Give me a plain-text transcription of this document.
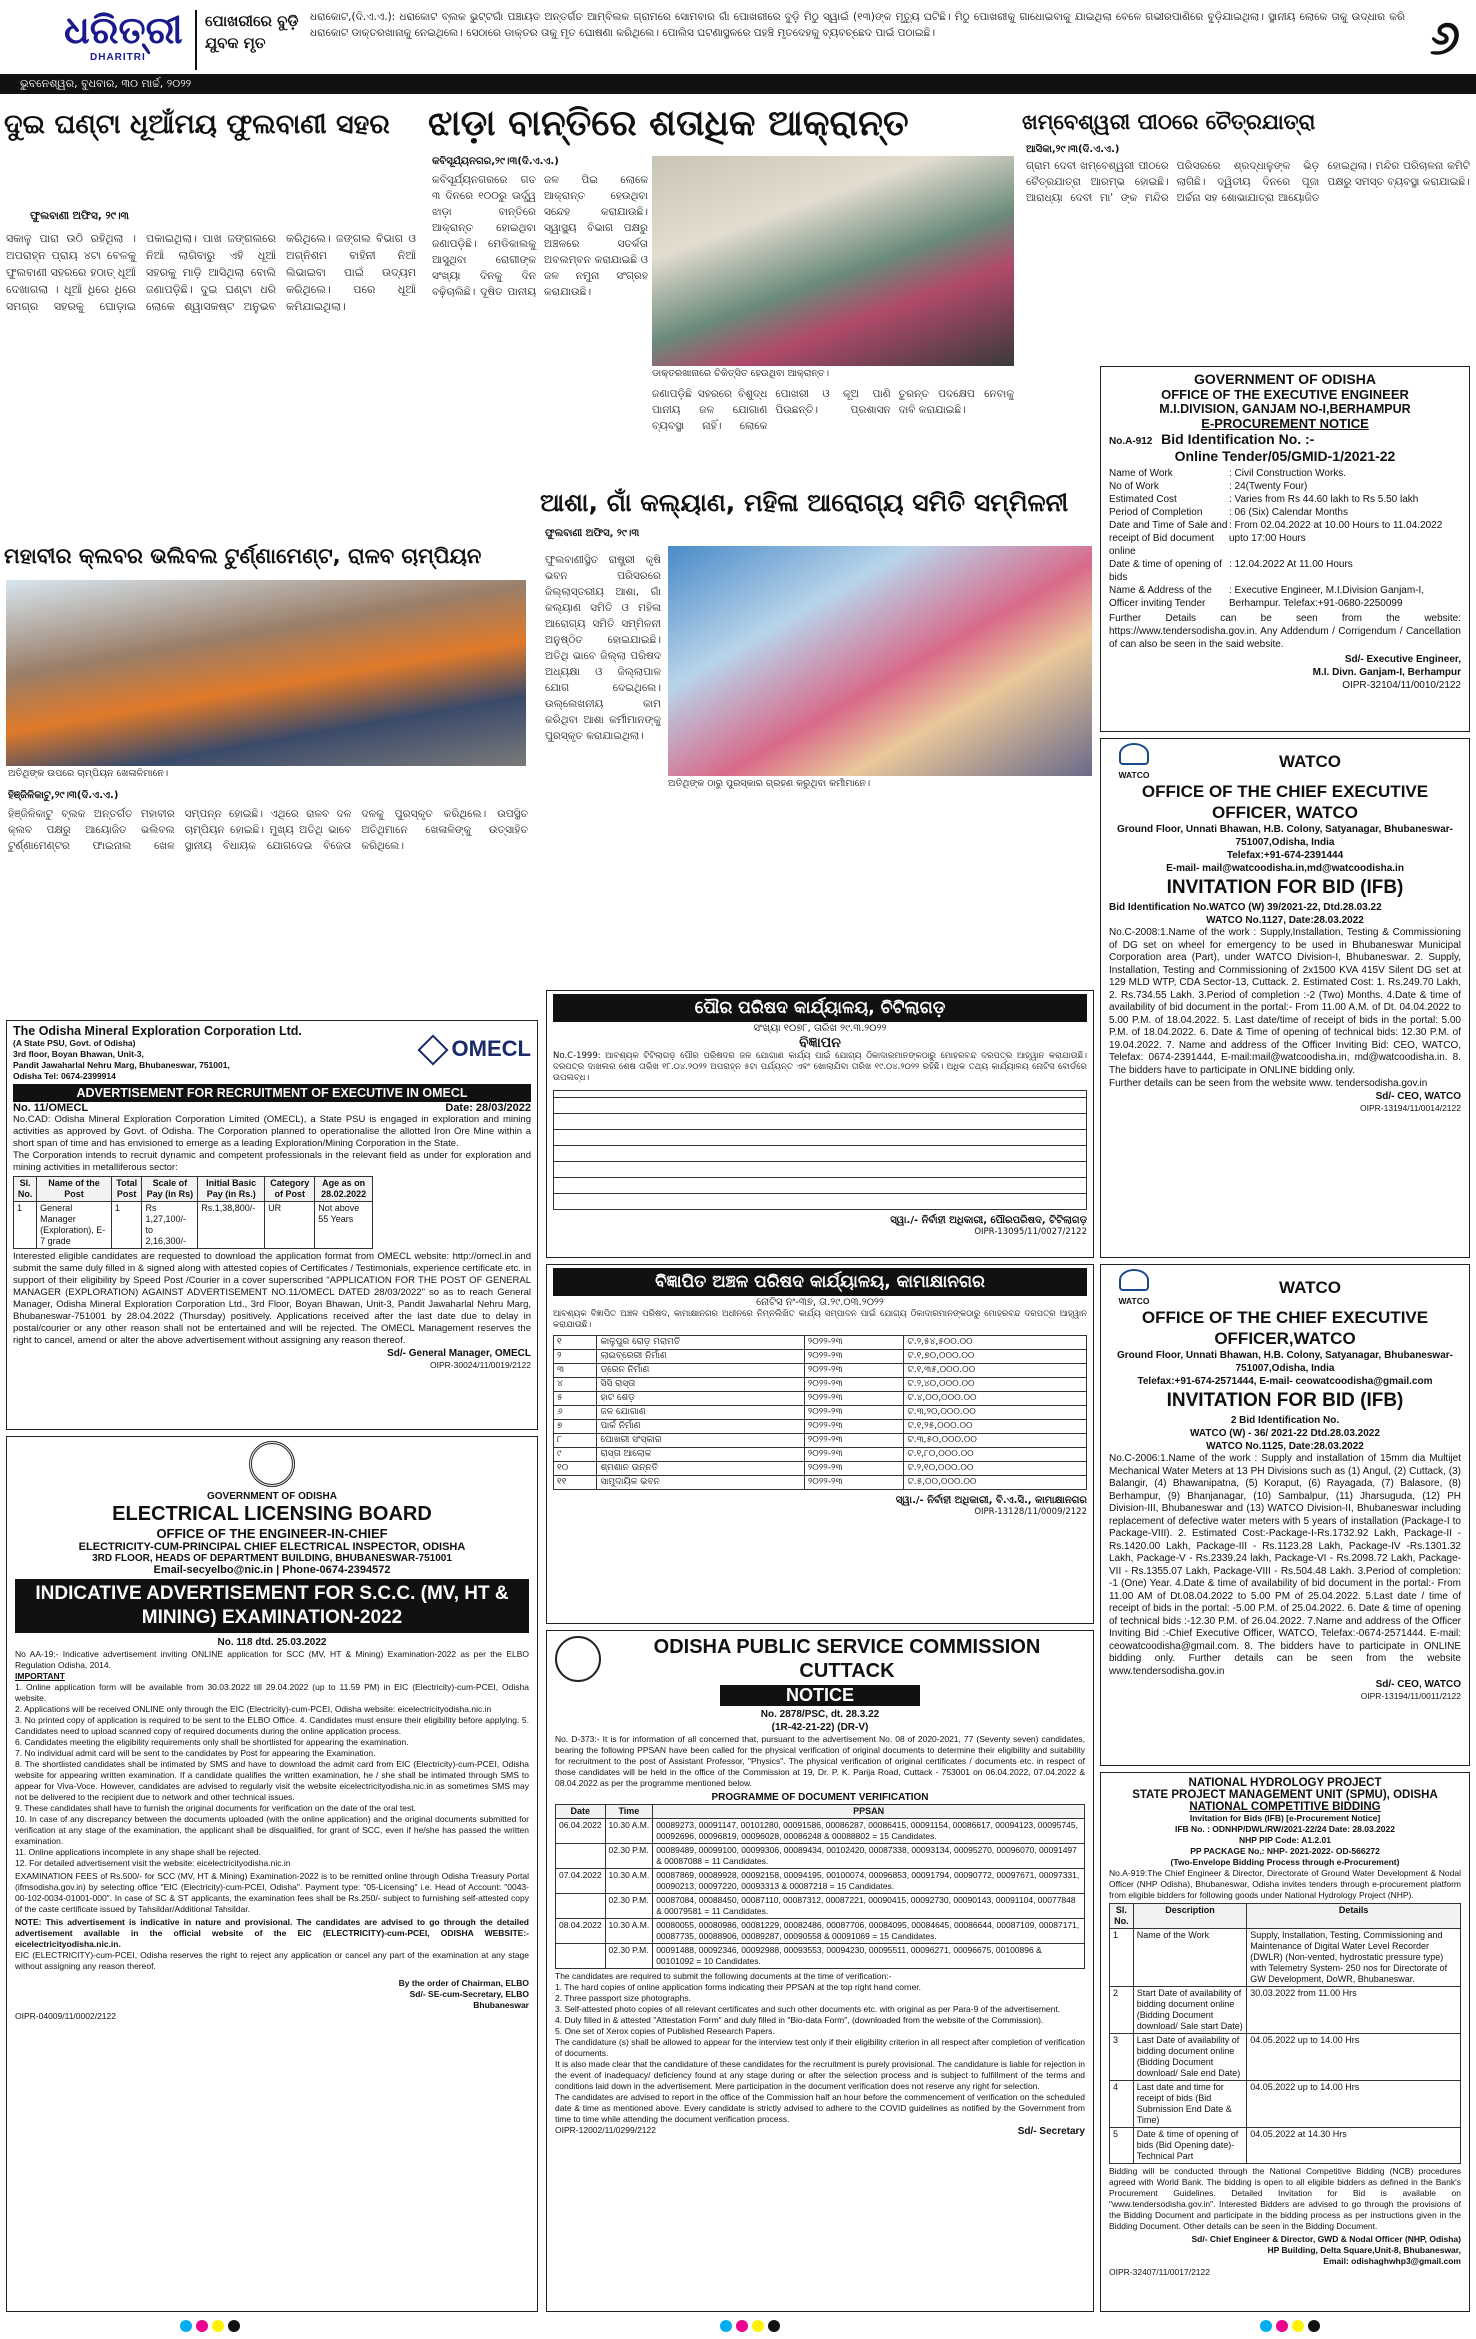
ଧରିତ୍ରୀ
DHARITRI
ପୋଖରୀରେ ବୁଡ଼ି ଯୁବକ ମୃତ
ଧରାକୋଟ,(ଦି.ଏ.ଏ.): ଧରାକୋଟ ବ୍ଲକ ଭୁଟ୍ଟଗାଁ ପଞ୍ଚାୟତ ଅନ୍ତର୍ଗତ ଆମ୍ବିଲକ ଗ୍ରାମରେ ସୋମବାର ଗାଁ ପୋଖରୀରେ ବୁଡ଼ି ମିଠୁ ସ୍ୱାଇଁ (୧୩)ଙ୍କ ମୃତ୍ୟୁ ଘଟିଛି। ମିଠୁ ପୋଖରୀକୁ ଗାଧୋଇବାକୁ ଯାଇଥିଲା ବେଳେ ଗଭୀରପାଣିରେ ବୁଡ଼ିଯାଇଥିଲା। ସ୍ଥାନୀୟ ଲୋକେ ତାକୁ ଉଦ୍ଧାର କରି ଧରାକୋଟ ଡାକ୍ତରଖାନାକୁ ନେଇଥିଲେ। ସେଠାରେ ଡାକ୍ତର ତାକୁ ମୃତ ଘୋଷଣା କରିଥିଲେ। ପୋଲିସ ଘଟଣାସ୍ଥଳରେ ପହଞ୍ଚି ମୃତଦେହକୁ ବ୍ୟବଚ୍ଛେଦ ପାଇଁ ପଠାଇଛି।	୬
ଭୁବନେଶ୍ୱର, ବୁଧବାର, ୩୦ ମାର୍ଚ୍ଚ, ୨୦୨୨
ଦୁଇ ଘଣ୍ଟା ଧୂଆଁମୟ ଫୁଲବାଣୀ ସହର
ଫୁଲବାଣୀ ଅଫିସ, ୨୯।୩
ସକାଳୁ ପାରା ଉଠି ରହିଥିଲା । ଅପରାହ୍ନ ପ୍ରାୟ ୪ଟା ବେଳକୁ ଫୁଲବାଣୀ ସହରରେ ହଠାତ୍ ଧୂଆଁ ଦେଖାଗଲା । ଧୂଆଁ ଧିରେ ଧିରେ ସମଗ୍ର ସହରକୁ ଘୋଡ଼ାଇ ପକାଇଥିଲା। ପାଖ ଜଙ୍ଗଲରେ ନିଆଁ ଲାଗିବାରୁ ଏହି ଧୂଆଁ ସହରକୁ ମାଡ଼ି ଆସିଥିଲା ବୋଲି ଜଣାପଡ଼ିଛି। ଦୁଇ ଘଣ୍ଟା ଧରି ଲୋକେ ଶ୍ୱାସକଷ୍ଟ ଅନୁଭବ କରିଥିଲେ। ଜଙ୍ଗଲ ବିଭାଗ ଓ ଅଗ୍ନିଶମ ବାହିନୀ ନିଆଁ ଲିଭାଇବା ପାଇଁ ଉଦ୍ୟମ କରିଥିଲେ। ପରେ ଧୂଆଁ କମିଯାଇଥିଲା।
ଝାଡ଼ା ବାନ୍ତିରେ ଶତାଧିକ ଆକ୍ରାନ୍ତ
କବିସୂର୍ଯ୍ୟନଗର,୨୯।୩(ଦି.ଏ.ଏ.)
କବିସୂର୍ଯ୍ୟନଗରରେ ଗତ ୩ ଦିନରେ ୧୦୦ରୁ ଊର୍ଦ୍ଧ୍ୱ ଝାଡ଼ା ବାନ୍ତିରେ ଆକ୍ରାନ୍ତ ହୋଇଥିବା ଜଣାପଡ଼ିଛି। ମେଡିକାଲକୁ ଆସୁଥିବା ରୋଗୀଙ୍କ ସଂଖ୍ୟା ଦିନକୁ ଦିନ ବଢ଼ିଚାଲିଛି। ଦୂଷିତ ପାନୀୟ ଜଳ ପିଇ ଲୋକେ ଆକ୍ରାନ୍ତ ହେଉଥିବା ସନ୍ଦେହ କରାଯାଉଛି। ସ୍ୱାସ୍ଥ୍ୟ ବିଭାଗ ପକ୍ଷରୁ ଅଞ୍ଚଳରେ ସତର୍କତା ଅବଲମ୍ବନ କରାଯାଇଛି ଓ ଜଳ ନମୁନା ସଂଗ୍ରହ କରାଯାଉଛି।
ଡାକ୍ତରଖାନାରେ ଚିକିତ୍ସିତ ହେଉଥିବା ଆକ୍ରାନ୍ତ।
ଜଣାପଡ଼ିଛି ସହରରେ ବିଶୁଦ୍ଧ ପାନୀୟ ଜଳ ଯୋଗାଣ ବ୍ୟବସ୍ଥା ନାହିଁ। ଲୋକେ ପୋଖରୀ ଓ କୂଅ ପାଣି ପିଉଛନ୍ତି। ପ୍ରଶାସନ ତୁରନ୍ତ ପଦକ୍ଷେପ ନେବାକୁ ଦାବି କରାଯାଇଛି।
ଖମ୍ବେଶ୍ୱରୀ ପୀଠରେ ଚୈତ୍ରଯାତ୍ରା
ଆସିକା,୨୯।୩(ଦି.ଏ.ଏ.)
ଗ୍ରାମ ଦେବୀ ଖମ୍ବେଶ୍ୱରୀ ପୀଠରେ ଚୈତ୍ରଯାତ୍ରା ଆରମ୍ଭ ହୋଇଛି। ଆରାଧ୍ୟା ଦେବୀ ମା' ଙ୍କ ମନ୍ଦିର ପରିସରରେ ଶ୍ରଦ୍ଧାଳୁଙ୍କ ଭିଡ଼ ଲାଗିଛି। ଦ୍ୱିତୀୟ ଦିନରେ ପୂଜା ଅର୍ଚ୍ଚନା ସହ ଶୋଭାଯାତ୍ରା ଆୟୋଜିତ ହୋଇଥିଲା। ମନ୍ଦିର ପରିଚାଳନା କମିଟି ପକ୍ଷରୁ ସମସ୍ତ ବ୍ୟବସ୍ଥା କରାଯାଇଛି।
GOVERNMENT OF ODISHA
OFFICE OF THE EXECUTIVE ENGINEER
M.I.DIVISION, GANJAM NO-I,BERHAMPUR
E-PROCUREMENT NOTICE
No.A-912 Bid Identification No. :-
Online Tender/05/GMID-1/2021-22
Name of Work	: Civil Construction Works.
No of Work	: 24(Twenty Four)
Estimated Cost	: Varies from Rs 44.60 lakh to Rs 5.50 lakh
Period of Completion	: 06 (Six) Calendar Months
Date and Time of Sale and receipt of Bid document online
: From 02.04.2022 at 10.00 Hours to 11.04.2022 upto 17:00 Hours
Date & time of opening of bids
: 12.04.2022 At 11.00 Hours
Name & Address of the Officer inviting Tender
: Executive Engineer, M.I.Division Ganjam-I, Berhampur. Telefax:+91-0680-2250099
Further Details can be seen from the website: https://www.tendersodisha.gov.in. Any Addendum / Corrigendum / Cancellation of can also be seen in the said website.
Sd/- Executive Engineer,
M.I. Divn. Ganjam-I, Berhampur
OIPR-32104/11/0010/2122
ମହାବୀର କ୍ଲବର ଭଲିବଲ ଟୁର୍ଣ୍ଣାମେଣ୍ଟ, ରାଳବ ଚାମ୍ପିୟନ
ଅତିଥିଙ୍କ ଉପରେ ଚାମ୍ପିୟନ ଖେଳାଳିମାନେ।
ହିଞ୍ଜିଳିକାଟୁ,୨୯।୩(ଦି.ଏ.ଏ.)
ହିଞ୍ଜିଳିକାଟୁ ବ୍ଲକ ଅନ୍ତର୍ଗତ ମହାବୀର କ୍ଲବ ପକ୍ଷରୁ ଆୟୋଜିତ ଭଲିବଲ ଟୁର୍ଣ୍ଣାମେଣ୍ଟର ଫାଇନାଲ ଖେଳ ସମ୍ପନ୍ନ ହୋଇଛି। ଏଥିରେ ରାଳବ ଦଳ ଚାମ୍ପିୟନ ହୋଇଛି। ମୁଖ୍ୟ ଅତିଥି ଭାବେ ସ୍ଥାନୀୟ ବିଧାୟକ ଯୋଗଦେଇ ବିଜେତା ଦଳକୁ ପୁରସ୍କୃତ କରିଥିଲେ। ଉପସ୍ଥିତ ଅତିଥିମାନେ ଖେଳାଳିଙ୍କୁ ଉତ୍ସାହିତ କରିଥିଲେ।
ଆଶା, ଗାଁ କଲ୍ୟାଣ, ମହିଳା ଆରୋଗ୍ୟ ସମିତି ସମ୍ମିଳନୀ
ଫୁଲବାଣୀ ଅଫିସ, ୨୯।୩
ଫୁଲବାଣୀସ୍ଥିତ ରାଷ୍ଟ୍ରୀ କୃଷି ଭବନ ପରିସରରେ ଜିଲ୍ଲାସ୍ତରୀୟ ଆଶା, ଗାଁ କଲ୍ୟାଣ ସମିତି ଓ ମହିଳା ଆରୋଗ୍ୟ ସମିତି ସମ୍ମିଳନୀ ଅନୁଷ୍ଠିତ ହୋଇଯାଇଛି। ଅତିଥି ଭାବେ ଜିଲ୍ଲା ପରିଷଦ ଅଧ୍ୟକ୍ଷା ଓ ଜିଲ୍ଲାପାଳ ଯୋଗ ଦେଇଥିଲେ। ଉଲ୍ଲେଖନୀୟ କାମ କରିଥିବା ଆଶା କର୍ମୀମାନଙ୍କୁ ପୁରସ୍କୃତ କରାଯାଇଥିଲା।
ଅତିଥିଙ୍କ ଠାରୁ ପୁରସ୍କାର ଗ୍ରହଣ କରୁଥିବା କର୍ମୀମାନେ।
The Odisha Mineral Exploration Corporation Ltd.
(A State PSU, Govt. of Odisha)
3rd floor, Boyan Bhawan, Unit-3,
Pandit Jawaharlal Nehru Marg, Bhubaneswar, 751001,
Odisha Tel: 0674-2399914
OMECL
ADVERTISEMENT FOR RECRUITMENT OF EXECUTIVE IN OMECL
No. 11/OMECL	Date: 28/03/2022
No.CAD: Odisha Mineral Exploration Corporation Limited (OMECL), a State PSU is engaged in exploration and mining activities as approved by Govt. of Odisha. The Corporation planned to operationalise the allotted Iron Ore Mine within a short span of time and has envisioned to emerge as a leading Exploration/Mining Corporation in the State.
The Corporation intends to recruit dynamic and competent professionals in the relevant field as under for exploration and mining activities in metalliferous sector:
Sl. No.	Name of the Post	Total Post	Scale of Pay (in Rs)	Initial Basic Pay (in Rs.)	Category of Post	Age as on 28.02.2022
1	General Manager (Exploration), E-7 grade	1	Rs 1,27,100/- to 2,16,300/-	Rs.1,38,800/-	UR	Not above 55 Years
Interested eligible candidates are requested to download the application format from OMECL website: http://omecl.in and submit the same duly filled in & signed along with attested copies of Certificates / Testimonials, experience certificate etc. in support of their eligibility by Speed Post /Courier in a cover superscribed "APPLICATION FOR THE POST OF GENERAL MANAGER (EXPLORATION) AGAINST ADVERTISEMENT NO.11/OMECL DATED 28/03/2022" so as to reach General Manager, Odisha Mineral Exploration Corporation Ltd., 3rd Floor, Boyan Bhawan, Unit-3, Pandit Jawaharlal Nehru Marg, Bhubaneswar-751001 by 28.04.2022 (Thursday) positively. Applications received after the last date due to delay in postal/courier or any other reason shall not be entertained and will be rejected. The OMECL Management reserves the right to cancel, amend or alter the above advertisement without assigning any reason thereof.
Sd/- General Manager, OMECL
OIPR-30024/11/0019/2122
GOVERNMENT OF ODISHA
ELECTRICAL LICENSING BOARD
OFFICE OF THE ENGINEER-IN-CHIEF
ELECTRICITY-CUM-PRINCIPAL CHIEF ELECTRICAL INSPECTOR, ODISHA
3RD FLOOR, HEADS OF DEPARTMENT BUILDING, BHUBANESWAR-751001
Email-secyelbo@nic.in | Phone-0674-2394572
INDICATIVE ADVERTISEMENT FOR S.C.C. (MV, HT & MINING) EXAMINATION-2022
No. 118 dtd. 25.03.2022
No AA-19:- Indicative advertisement inviting ONLINE application for SCC (MV, HT & Mining) Examination-2022 as per the ELBO Regulation Odisha, 2014.
IMPORTANT
1. Online application form will be available from 30.03.2022 till 29.04.2022 (up to 11.59 PM) in EIC (Electricity)-cum-PCEI, Odisha website.
2. Applications will be received ONLINE only through the EIC (Electricity)-cum-PCEI, Odisha website: eicelectricityodisha.nic.in
3. No printed copy of application is required to be sent to the ELBO Office. 4. Candidates must ensure their eligibility before applying. 5. Candidates need to upload scanned copy of required documents during the online application process.
6. Candidates meeting the eligibility requirements only shall be shortlisted for appearing the examination.
7. No individual admit card will be sent to the candidates by Post for appearing the Examination.
8. The shortlisted candidates shall be intimated by SMS and have to download the admit card from EIC (Electricity)-cum-PCEI, Odisha website for appearing written examination. If a candidate qualifies the written examination, he / she shall be intimated through SMS to appear for Viva-Voce. However, candidates are advised to regularly visit the website eicelectricityodisha.nic.in as sometimes SMS may not be delivered to the recipient due to network and other technical issues.
9. These candidates shall have to furnish the original documents for verification on the date of the oral test.
10. In case of any discrepancy between the documents uploaded (with the online application) and the original documents submitted for verification at any stage of the examination, the applicant shall be disqualified, for grant of SCC, even if he/she has passed the written examination.
11. Online applications incomplete in any shape shall be rejected.
12. For detailed advertisement visit the website: eicelectricityodisha.nic.in
EXAMINATION FEES of Rs.500/- for SCC (MV, HT & Mining) Examination-2022 is to be remitted online through Odisha Treasury Portal (ifmsodisha.gov.in) by selecting office "EIC (Electricity)-cum-PCEI, Odisha". Payment type: "05-Licensing" i.e. Head of Account: "0043-00-102-0034-01001-000". In case of SC & ST applicants, the examination fees shall be Rs.250/- subject to furnishing self-attested copy of the caste certificate issued by Tahsildar/Additional Tahsildar.
NOTE: This advertisement is indicative in nature and provisional. The candidates are advised to go through the detailed advertisement available in the official website of the EIC (ELECTRICITY)-cum-PCEI, ODISHA WEBSITE:- eicelectricityodisha.nic.in.
EIC (ELECTRICITY)-cum-PCEI, Odisha reserves the right to reject any application or cancel any part of the examination at any stage without assigning any reason thereof.
By the order of Chairman, ELBO
Sd/- SE-cum-Secretary, ELBO
Bhubaneswar
OIPR-04009/11/0002/2122
ପୌର ପରିଷଦ କାର୍ଯ୍ୟାଳୟ, ଚିଟିଲାଗଡ଼
ସଂଖ୍ୟା ୧୦୭୮, ତାରିଖ ୨୯.୩.୨୦୨୨
ବିଜ୍ଞାପନ
No.C-1999: ଆବଶ୍ୟକ ଟିଟିଲାଗଡ଼ ପୌର ପରିଷଦର ଜଳ ଯୋଗାଣ କାର୍ଯ୍ୟ ପାଇଁ ଯୋଗ୍ୟ ଠିକାଦାରମାନଙ୍କଠାରୁ ମୋହରବନ୍ଦ ଦରପତ୍ର ଆହ୍ୱାନ କରାଯାଉଛି। ଦରପତ୍ର ଦାଖଲର ଶେଷ ତାରିଖ ୧୮.୦୪.୨୦୨୨ ଅପରାହ୍ନ ୫ଟା ପର୍ଯ୍ୟନ୍ତ ଏବଂ ଖୋଲାଯିବା ତାରିଖ ୧୯.୦୪.୨୦୨୨ ରହିଛି। ଅଧିକ ତଥ୍ୟ କାର୍ଯ୍ୟାଳୟ ନୋଟିସ ବୋର୍ଡରେ ଉପଲବ୍ଧ।
ସ୍ୱା./- ନିର୍ବାହୀ ଅଧିକାରୀ, ପୌରପରିଷଦ, ଟିଟିଲାଗଡ଼
OIPR-13095/11/0027/2122
ବିଜ୍ଞାପିତ ଅଞ୍ଚଳ ପରିଷଦ କାର୍ଯ୍ୟାଳୟ, କାମାକ୍ଷାନଗର
ନୋଟିସ ନଂ-୩୭, ତା.୨୯.୦୩.୨୦୨୨
ଆବଶ୍ୟକ ବିଜ୍ଞାପିତ ଅଞ୍ଚଳ ପରିଷଦ, କାମାକ୍ଷାନଗର ଅଧୀନରେ ନିମ୍ନଲିଖିତ କାର୍ଯ୍ୟ ସମ୍ପାଦନ ପାଇଁ ଯୋଗ୍ୟ ଠିକାଦାରମାନଙ୍କଠାରୁ ମୋହରବନ୍ଦ ଦରପତ୍ର ଆହ୍ୱାନ କରାଯାଉଛି।
୧	କାଳୁପୁର ରୋଡ଼ ମରାମତି	୨୦୨୨-୨୩	ଟ.୨,୫୪,୫୦୦.୦୦
୨	ଲାଇବ୍ରେରୀ ନିର୍ମାଣ	୨୦୨୨-୨୩	ଟ.୧,୭୦,୦୦୦.୦୦
୩	ଡ୍ରେନ ନିର୍ମାଣ	୨୦୨୨-୨୩	ଟ.୧,୩୫,୦୦୦.୦୦
୪	ସିସି ରାସ୍ତା	୨୦୨୨-୨୩	ଟ.୨,୪୦,୦୦୦.୦୦
୫	ହାଟ ଶେଡ଼	୨୦୨୨-୨୩	ଟ.୪,୦୦,୦୦୦.୦୦
୬	ଜଳ ଯୋଗାଣ	୨୦୨୨-୨୩	ଟ.୩,୨୦,୦୦୦.୦୦
୭	ପାର୍କ ନିର୍ମାଣ	୨୦୨୨-୨୩	ଟ.୧,୨୫,୦୦୦.୦୦
୮	ପୋଖରୀ ସଂସ୍କାର	୨୦୨୨-୨୩	ଟ.୩,୫୦,୦୦୦.୦୦
୯	ରାସ୍ତା ଆଲୋକ	୨୦୨୨-୨୩	ଟ.୧,୮୦,୦୦୦.୦୦
୧୦	ଶ୍ମଶାନ ଉନ୍ନତି	୨୦୨୨-୨୩	ଟ.୨,୧୦,୦୦୦.୦୦
୧୧	ସାମୁଦାୟିକ ଭବନ	୨୦୨୨-୨୩	ଟ.୫,୦୦,୦୦୦.୦୦
ସ୍ୱା./- ନିର୍ବାହୀ ଅଧିକାରୀ, ବି.ଏ.ସି., କାମାକ୍ଷାନଗର
OIPR-13128/11/0009/2122
ODISHA PUBLIC SERVICE COMMISSION
CUTTACK
NOTICE
No. 2878/PSC, dt. 28.3.22
(1R-42-21-22) (DR-V)
No. D-373:- It is for information of all concerned that, pursuant to the advertisement No. 08 of 2020-2021, 77 (Seventy seven) candidates, bearing the following PPSAN have been called for the physical verification of original documents to determine their eligibility and suitability for recruitment to the post of Assistant Professor, "Physics". The physical verification of original certificates / documents etc. in respect of those candidates will be held in the office of the Commission at 19, Dr. P. K. Parija Road, Cuttack - 753001 on 06.04.2022, 07.04.2022 & 08.04.2022 as per the programme mentioned below.
PROGRAMME OF DOCUMENT VERIFICATION
Date	Time	PPSAN
06.04.2022	10.30 A.M.	00089273, 00091147, 00101280, 00091586, 00086287, 00086415, 00091154, 00086617, 00094123, 00095745, 00092696, 00096819, 00096028, 00086248 & 00088802 = 15 Candidates.
	02.30 P.M.	00089489, 00099100, 00099306, 00089434, 00102420, 00087338, 00093134, 00095270, 00096070, 00091497 & 00087088 = 11 Candidates.
07.04.2022	10.30 A.M.	00087869, 00089928, 00092158, 00094195, 00100074, 00096853, 00091794, 00090772, 00097671, 00097331, 00090213, 00097220, 00093313 & 00087218 = 15 Candidates.
	02.30 P.M.	00087084, 00088450, 00087110, 00087312, 00087221, 00090415, 00092730, 00090143, 00091104, 00077848 & 00079581 = 11 Candidates.
08.04.2022	10.30 A.M.	00080055, 00080986, 00081229, 00082486, 00087706, 00084095, 00084645, 00086644, 00087109, 00087171, 00087735, 00088906, 00089287, 00090558 & 00091069 = 15 Candidates.
	02.30 P.M.	00091488, 00092346, 00092988, 00093553, 00094230, 00095511, 00096271, 00096675, 00100896 & 00101092 = 10 Candidates.
The candidates are required to submit the following documents at the time of verification:-
1. The hard copies of online application forms indicating their PPSAN at the top right hand corner.
2. Three passport size photographs.
3. Self-attested photo copies of all relevant certificates and such other documents etc. with original as per Para-9 of the advertisement.
4. Duly filled in & attested "Attestation Form" and duly filled in "Bio-data Form", (downloaded from the website of the Commission).
5. One set of Xerox copies of Published Research Papers.
The candidature (s) shall be allowed to appear for the interview test only if their eligibility criterion in all respect after completion of verification of documents.
It is also made clear that the candidature of these candidates for the recruitment is purely provisional. The candidature is liable for rejection in the event of inadequacy/ deficiency found at any stage during or after the selection process and is subject to fulfillment of the terms and conditions laid down in the advertisement. Mere participation in the document verification does not reserve any right for selection.
The candidates are advised to report in the office of the Commission half an hour before the commencement of verification on the scheduled date & time as mentioned above. Every candidate is strictly advised to adhere to the COVID guidelines as notified by the Government from time to time while attending the document verification process.
OIPR-12002/11/0299/2122	Sd/- Secretary
WATCO
WATCO
OFFICE OF THE CHIEF EXECUTIVE OFFICER, WATCO
Ground Floor, Unnati Bhawan, H.B. Colony, Satyanagar, Bhubaneswar-751007,Odisha, India
Telefax:+91-674-2391444
E-mail- mail@watcoodisha.in,md@watcoodisha.in
INVITATION FOR BID (IFB)
Bid Identification No.WATCO (W) 39/2021-22, Dtd.28.03.22
WATCO No.1127, Date:28.03.2022
No.C-2008:1.Name of the work : Supply,Installation, Testing & Commissioning of DG set on wheel for emergency to be used in Bhubaneswar Municipal Corporation area (Part), under WATCO Division-I, Bhubaneswar. 2. Supply, Installation, Testing and Commissioning of 2x1500 KVA 415V Silent DG set at 129 MLD WTP, CDA Sector-13, Cuttack. 2. Estimated Cost: 1. Rs.249.70 Lakh, 2. Rs.734.55 Lakh. 3.Period of completion :-2 (Two) Months. 4.Date & time of availability of bid document in the portal:- From 11.00 A.M. of Dt. 04.04.2022 to 5.00 P.M. of 18.04.2022. 5. Last date/time of receipt of bids in the portal: 5.00 P.M. of 18.04.2022. 6. Date & Time of opening of technical bids: 12.30 P.M. of 19.04.2022. 7. Name and address of the Officer Inviting Bid: CEO, WATCO, Telefax: 0674-2391444, E-mail:mail@watcoodisha.in, md@watcoodisha.in. 8. The bidders have to participate in ONLINE bidding only.
Further details can be seen from the website www. tendersodisha.gov.in
Sd/- CEO, WATCO
OIPR-13194/11/0014/2122
WATCO
WATCO
OFFICE OF THE CHIEF EXECUTIVE OFFICER,WATCO
Ground Floor, Unnati Bhawan, H.B. Colony, Satyanagar, Bhubaneswar-751007,Odisha, India
Telefax:+91-674-2571444, E-mail- ceowatcoodisha@gmail.com
INVITATION FOR BID (IFB)
2 Bid Identification No.
WATCO (W) - 36/ 2021-22 Dtd.28.03.2022
WATCO No.1125, Date:28.03.2022
No.C-2006:1.Name of the work : Supply and installation of 15mm dia Multijet Mechanical Water Meters at 13 PH Divisions such as (1) Angul, (2) Cuttack, (3) Balangir, (4) Bhawanipatna, (5) Koraput, (6) Rayagada, (7) Balasore, (8) Berhampur, (9) Bhanjanagar, (10) Sambalpur, (11) Jharsuguda, (12) PH Division-III, Bhubaneswar and (13) WATCO Division-II, Bhubaneswar including replacement of defective water meters with 5 years of installation (Package-I to Package-VIII). 2. Estimated Cost:-Package-I-Rs.1732.92 Lakh, Package-II -Rs.1420.00 Lakh, Package-III - Rs.1123.28 Lakh, Package-IV -Rs.1301.32 Lakh, Package-V - Rs.2339.24 lakh, Package-VI - Rs.2098.72 Lakh, Package-VII - Rs.1355.07 Lakh, Package-VIII - Rs.504.48 Lakh. 3.Period of completion: -1 (One) Year. 4.Date & time of availability of bid document in the portal:- From 11.00 AM of Dt.08.04.2022 to 5.00 PM of 25.04.2022. 5.Last date / time of receipt of bids in the portal: -5.00 P.M. of 25.04.2022. 6. Date & time of opening of technical bids :-12.30 P.M. of 26.04.2022. 7.Name and address of the Officer Inviting Bid :-Chief Executive Officer, WATCO, Telefax:-0674-2571444. E-mail: ceowatcoodisha@gmail.com. 8. The bidders have to participate in ONLINE bidding only. Further details can be seen from the website www.tendersodisha.gov.in
Sd/- CEO, WATCO
OIPR-13194/11/0011/2122
NATIONAL HYDROLOGY PROJECT
STATE PROJECT MANAGEMENT UNIT (SPMU), ODISHA
NATIONAL COMPETITIVE BIDDING
Invitation for Bids (IFB) [e-Procurement Notice]
IFB No. : ODNHP/DWL/RW/2021-22/24 Date: 28.03.2022
NHP PIP Code: A1.2.01
PP PACKAGE No.: NHP- 2021-2022- OD-566272
(Two-Envelope Bidding Process through e-Procurement)
No.A-919:The Chief Engineer & Director, Directorate of Ground Water Development & Nodal Officer (NHP Odisha), Bhubaneswar, Odisha invites tenders through e-procurement platform from eligible bidders for following goods under National Hydrology Project (NHP).
Sl. No.	Description	Details
1	Name of the Work	Supply, Installation, Testing, Commissioning and Maintenance of Digital Water Level Recorder (DWLR) (Non-vented, hydrostatic pressure type) with Telemetry System- 250 nos for Directorate of GW Development, DoWR, Bhubaneswar.
2	Start Date of availability of bidding document online (Bidding Document download/ Sale start Date)	30.03.2022 from 11.00 Hrs
3	Last Date of availability of bidding document online (Bidding Document download/ Sale end Date)	04.05.2022 up to 14.00 Hrs
4	Last date and time for receipt of bids (Bid Submission End Date & Time)	04.05.2022 up to 14.00 Hrs
5	Date & time of opening of bids (Bid Opening date)-Technical Part	04.05.2022 at 14.30 Hrs
Bidding will be conducted through the National Competitive Bidding (NCB) procedures agreed with World Bank. The bidding is open to all eligible bidders as defined in the Bank's Procurement Guidelines. Detailed Invitation for Bid is available on "www.tendersodisha.gov.in". Interested Bidders are advised to go through the provisions of the Bidding Document and participate in the bidding process as per instructions given in the Bidding Document. Other details can be seen in the Bidding Document.
Sd/- Chief Engineer & Director, GWD & Nodal Officer (NHP, Odisha)
HP Building, Delta Square,Unit-8, Bhubaneswar,
Email: odishaghwhp3@gmail.com
OIPR-32407/11/0017/2122
